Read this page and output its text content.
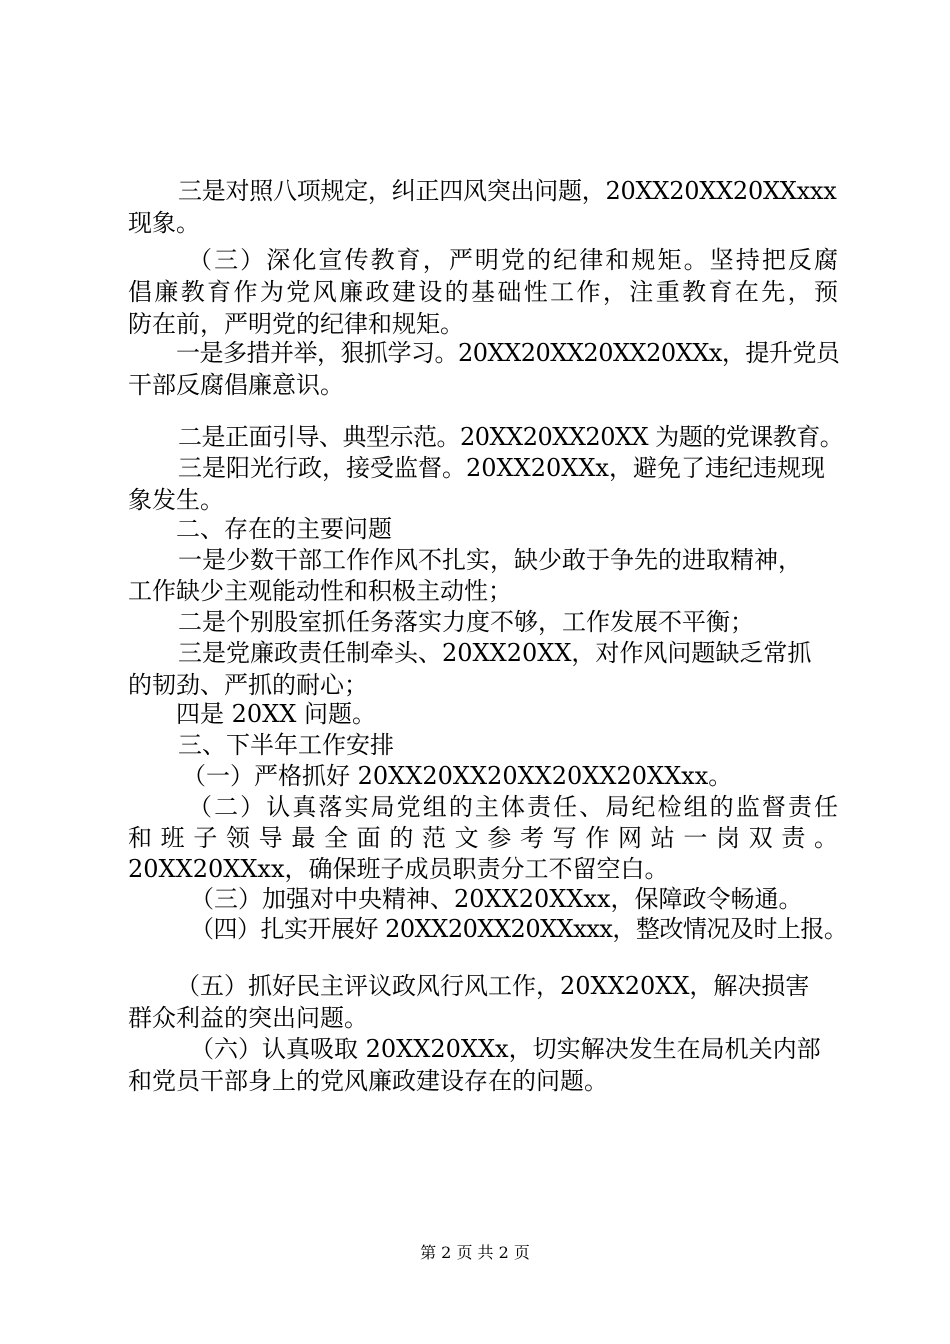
三是对照八项规定，纠正四风突出问题，20XX20XX20XXxxx
现象。
（三）深化宣传教育，严明党的纪律和规矩。坚持把反腐
倡廉教育作为党风廉政建设的基础性工作，注重教育在先，预
防在前，严明党的纪律和规矩。
一是多措并举，狠抓学习。20XX20XX20XX20XXx，提升党员
干部反腐倡廉意识。
二是正面引导、典型示范。20XX20XX20XX 为题的党课教育。
三是阳光行政，接受监督。20XX20XXx，避免了违纪违规现
象发生。
二、存在的主要问题
一是少数干部工作作风不扎实，缺少敢于争先的进取精神，
工作缺少主观能动性和积极主动性；
二是个别股室抓任务落实力度不够，工作发展不平衡；
三是党廉政责任制牵头、20XX20XX，对作风问题缺乏常抓
的韧劲、严抓的耐心；
四是 20XX 问题。
三、下半年工作安排
（一）严格抓好 20XX20XX20XX20XX20XXxx。
（二）认真落实局党组的主体责任、局纪检组的监督责任
和班子领导最全面的范文参考写作网站一岗双责。
20XX20XXxx，确保班子成员职责分工不留空白。
（三）加强对中央精神、20XX20XXxx，保障政令畅通。
（四）扎实开展好 20XX20XX20XXxxx，整改情况及时上报。
（五）抓好民主评议政风行风工作，20XX20XX，解决损害
群众利益的突出问题。
（六）认真吸取 20XX20XXx，切实解决发生在局机关内部
和党员干部身上的党风廉政建设存在的问题。
第 2 页 共 2 页
